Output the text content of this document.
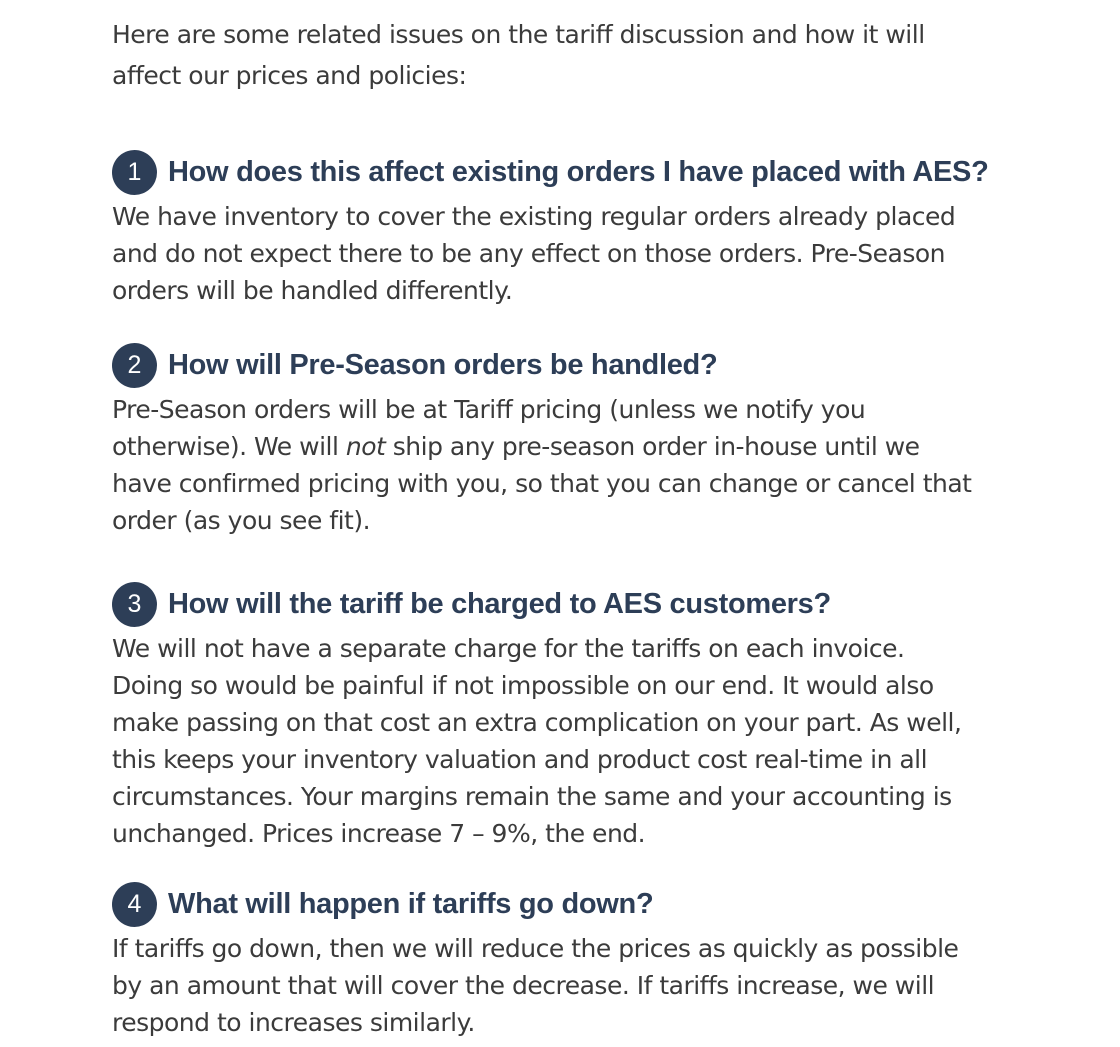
Here are some related issues on the tariff discussion and how it will
affect our prices and policies:

1 How does this affect existing orders I have placed with AES?

We have inventory to cover the existing regular orders already placed
and do not expect there to be any effect on those orders. Pre-Season
orders will be handled differently.

2 How will Pre-Season orders be handled?

Pre-Season orders will be at Tariff pricing (unless we notify you
otherwise). We will not ship any pre-season order in-house until we
have confirmed pricing with you, so that you can change or cancel that
order (as you see fit).

3 How will the tariff be charged to AES customers?

We will not have a separate charge for the tariffs on each invoice.
Doing so would be painful if not impossible on our end. It would also
make passing on that cost an extra complication on your part. As well,
this keeps your inventory valuation and product cost real-time in all
circumstances. Your margins remain the same and your accounting is
unchanged. Prices increase 7 – 9%, the end.

4 What will happen if tariffs go down?

If tariffs go down, then we will reduce the prices as quickly as possible
by an amount that will cover the decrease. If tariffs increase, we will
respond to increases similarly.
